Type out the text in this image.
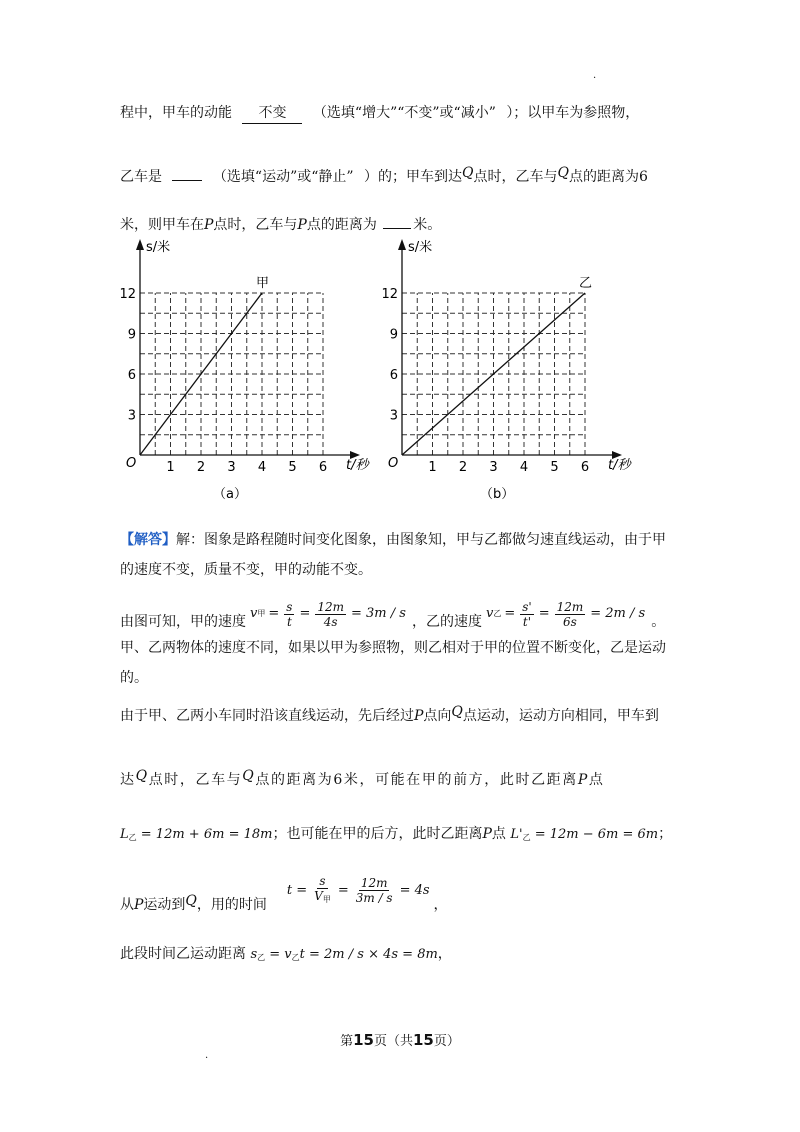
.
程中，甲车的动能 不变 （选填“增大”“不变”或“减小” ）；以甲车为参照物，
乙车是	（选填“运动”或“静止” ）的；甲车到达Q点时，乙车与Q点的距离为6
米，则甲车在P点时，乙车与P点的距离为	米。
s/米
t/秒
O
3
6
9
12
1 2 3 4 5 6
甲
（a）
s/米
t/秒
O
3
6
9
12
1 2 3 4 5 6
乙
（b）
【解答】解：图象是路程随时间变化图象，由图象知，甲与乙都做匀速直线运动，由于甲
的速度不变，质量不变，甲的动能不变。
由图可知，甲的速度
v 甲 = $\frac{s}{t} = \frac{12m}{4s} = 3m / s$
，乙的速度
v 乙 = $\frac{s'}{t'} = \frac{12m}{6s} = 2m / s$
。
甲、乙两物体的速度不同，如果以甲为参照物，则乙相对于甲的位置不断变化，乙是运动
的。
由于甲、乙两小车同时沿该直线运动，先后经过P点向Q点运动，运动方向相同，甲车到
达Q点时，乙车与Q点的距离为6米，可能在甲的前方，此时乙距离P点
$L_乙 = 12m + 6m = 18m$；也可能在甲的后方，此时乙距离P点 $L'_乙 = 12m - 6m = 6m$；
从 P 运动到 Q ，用的时间
$t = \frac{s}{V_甲} = \frac{12m}{3m / s} = 4s$
，
此段时间乙运动距离 $s_乙 = v_乙t = 2m / s \times 4s = 8m$，
第15页（共15页）
.
